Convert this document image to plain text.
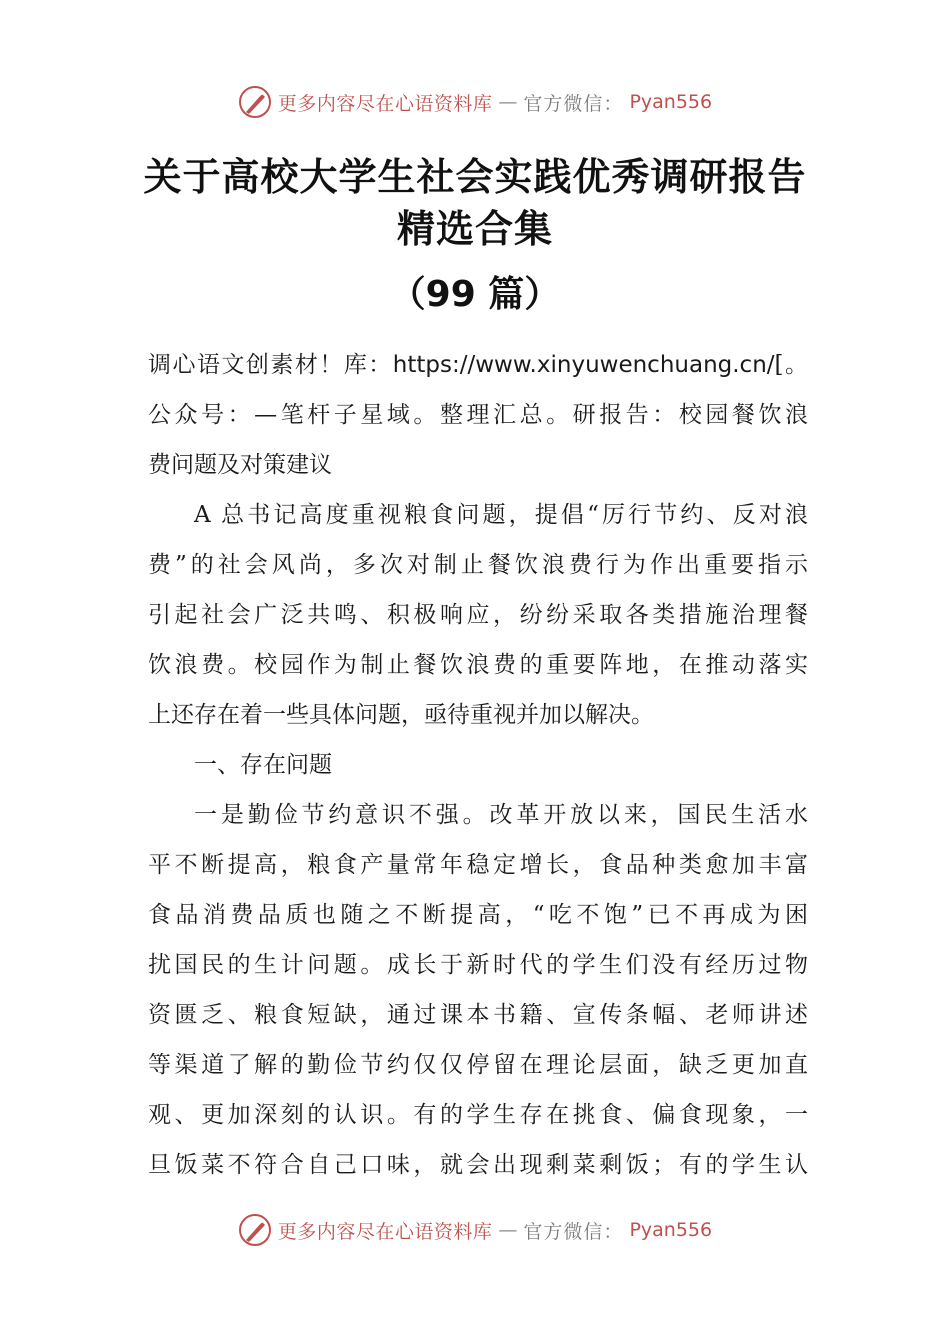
更多内容尽在心语资料库 — 官方微信： Pyan556
关于高校大学生社会实践优秀调研报告
精选合集
（99 篇）
调心语文创素材！库：https://www.xinyuwenchuang.cn/[。
公众号：—笔杆子星域。整理汇总。研报告：校园餐饮浪
费问题及对策建议
A 总书记高度重视粮食问题，提倡“厉行节约、反对浪
费”的社会风尚，多次对制止餐饮浪费行为作出重要指示
引起社会广泛共鸣、积极响应，纷纷采取各类措施治理餐
饮浪费。校园作为制止餐饮浪费的重要阵地，在推动落实
上还存在着一些具体问题，亟待重视并加以解决。
一、存在问题
一是勤俭节约意识不强。改革开放以来，国民生活水
平不断提高，粮食产量常年稳定增长，食品种类愈加丰富
食品消费品质也随之不断提高，“吃不饱”已不再成为困
扰国民的生计问题。成长于新时代的学生们没有经历过物
资匮乏、粮食短缺，通过课本书籍、宣传条幅、老师讲述
等渠道了解的勤俭节约仅仅停留在理论层面，缺乏更加直
观、更加深刻的认识。有的学生存在挑食、偏食现象，一
旦饭菜不符合自己口味，就会出现剩菜剩饭；有的学生认
更多内容尽在心语资料库 — 官方微信： Pyan556
